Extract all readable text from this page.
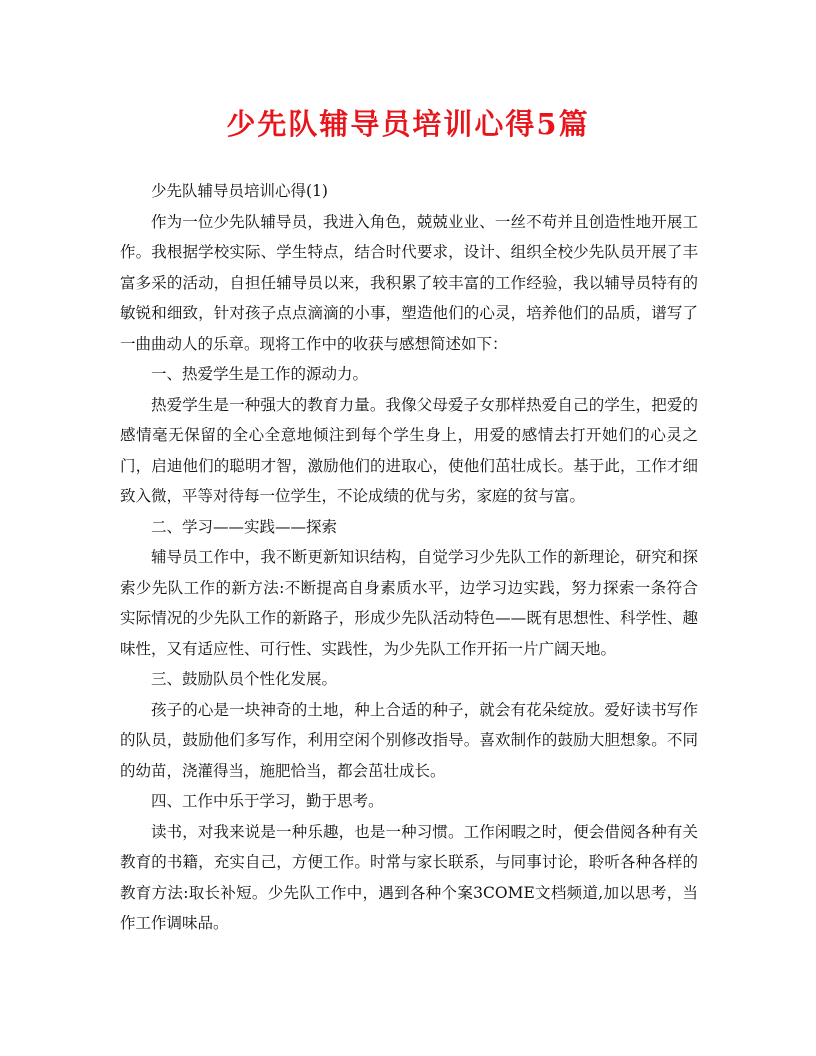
少先队辅导员培训心得5篇

少先队辅导员培训心得(1)

作为一位少先队辅导员，我进入角色，兢兢业业、一丝不苟并且创造性地开展工作。我根据学校实际、学生特点，结合时代要求，设计、组织全校少先队员开展了丰富多采的活动，自担任辅导员以来，我积累了较丰富的工作经验，我以辅导员特有的敏锐和细致，针对孩子点点滴滴的小事，塑造他们的心灵，培养他们的品质，谱写了一曲曲动人的乐章。现将工作中的收获与感想简述如下：

一、热爱学生是工作的源动力。

热爱学生是一种强大的教育力量。我像父母爱子女那样热爱自己的学生，把爱的感情毫无保留的全心全意地倾注到每个学生身上，用爱的感情去打开她们的心灵之门，启迪他们的聪明才智，激励他们的进取心，使他们茁壮成长。基于此，工作才细致入微，平等对待每一位学生，不论成绩的优与劣，家庭的贫与富。

二、学习——实践——探索

辅导员工作中，我不断更新知识结构，自觉学习少先队工作的新理论，研究和探索少先队工作的新方法:不断提高自身素质水平，边学习边实践，努力探索一条符合实际情况的少先队工作的新路子，形成少先队活动特色——既有思想性、科学性、趣味性，又有适应性、可行性、实践性，为少先队工作开拓一片广阔天地。

三、鼓励队员个性化发展。

孩子的心是一块神奇的土地，种上合适的种子，就会有花朵绽放。爱好读书写作的队员，鼓励他们多写作，利用空闲个别修改指导。喜欢制作的鼓励大胆想象。不同的幼苗，浇灌得当，施肥恰当，都会茁壮成长。

四、工作中乐于学习，勤于思考。

读书，对我来说是一种乐趣，也是一种习惯。工作闲暇之时，便会借阅各种有关教育的书籍，充实自己，方便工作。时常与家长联系，与同事讨论，聆听各种各样的教育方法:取长补短。少先队工作中，遇到各种个案3COME文档频道,加以思考，当作工作调味品。
